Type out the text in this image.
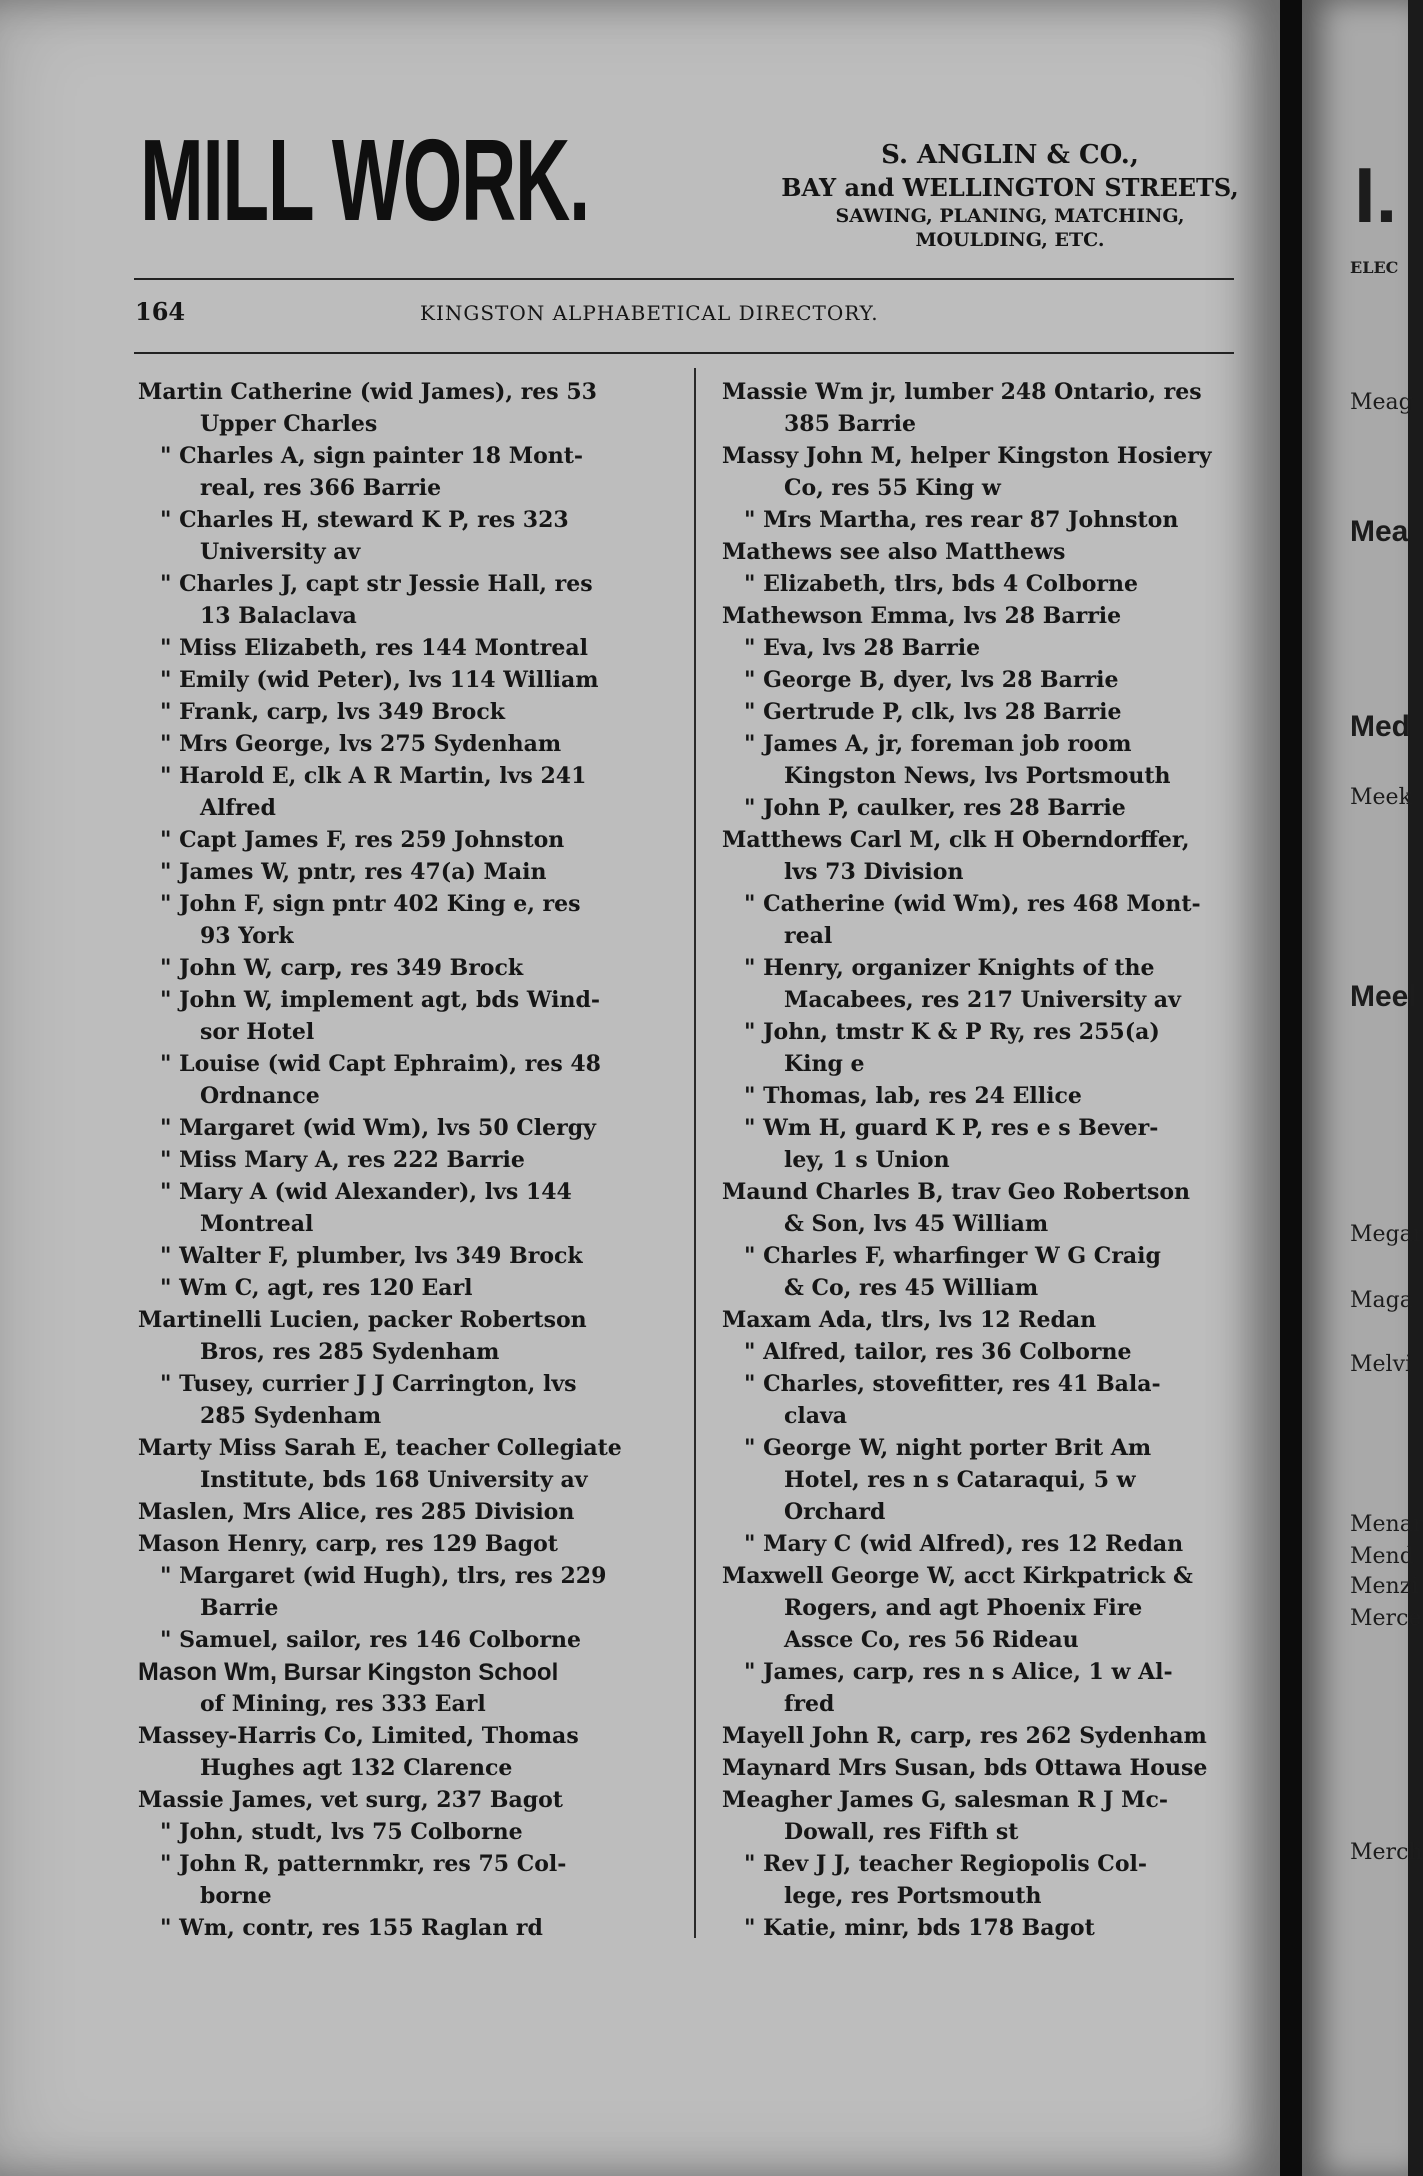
MILL WORK.	S. ANGLIN & CO.,
BAY and WELLINGTON STREETS,
SAWING, PLANING, MATCHING,
MOULDING, ETC.
164	KINGSTON ALPHABETICAL DIRECTORY.
Martin Catherine (wid James), res 53
Upper Charles
" Charles A, sign painter 18 Mont-
real, res 366 Barrie
" Charles H, steward K P, res 323
University av
" Charles J, capt str Jessie Hall, res
13 Balaclava
" Miss Elizabeth, res 144 Montreal
" Emily (wid Peter), lvs 114 William
" Frank, carp, lvs 349 Brock
" Mrs George, lvs 275 Sydenham
" Harold E, clk A R Martin, lvs 241
Alfred
" Capt James F, res 259 Johnston
" James W, pntr, res 47(a) Main
" John F, sign pntr 402 King e, res
93 York
" John W, carp, res 349 Brock
" John W, implement agt, bds Wind-
sor Hotel
" Louise (wid Capt Ephraim), res 48
Ordnance
" Margaret (wid Wm), lvs 50 Clergy
" Miss Mary A, res 222 Barrie
" Mary A (wid Alexander), lvs 144
Montreal
" Walter F, plumber, lvs 349 Brock
" Wm C, agt, res 120 Earl
Martinelli Lucien, packer Robertson
Bros, res 285 Sydenham
" Tusey, currier J J Carrington, lvs
285 Sydenham
Marty Miss Sarah E, teacher Collegiate
Institute, bds 168 University av
Maslen, Mrs Alice, res 285 Division
Mason Henry, carp, res 129 Bagot
" Margaret (wid Hugh), tlrs, res 229
Barrie
" Samuel, sailor, res 146 Colborne
Mason Wm, Bursar Kingston School
of Mining, res 333 Earl
Massey-Harris Co, Limited, Thomas
Hughes agt 132 Clarence
Massie James, vet surg, 237 Bagot
" John, studt, lvs 75 Colborne
" John R, patternmkr, res 75 Col-
borne
" Wm, contr, res 155 Raglan rd
Massie Wm jr, lumber 248 Ontario, res
385 Barrie
Massy John M, helper Kingston Hosiery
Co, res 55 King w
" Mrs Martha, res rear 87 Johnston
Mathews see also Matthews
" Elizabeth, tlrs, bds 4 Colborne
Mathewson Emma, lvs 28 Barrie
" Eva, lvs 28 Barrie
" George B, dyer, lvs 28 Barrie
" Gertrude P, clk, lvs 28 Barrie
" James A, jr, foreman job room
Kingston News, lvs Portsmouth
" John P, caulker, res 28 Barrie
Matthews Carl M, clk H Oberndorffer,
lvs 73 Division
" Catherine (wid Wm), res 468 Mont-
real
" Henry, organizer Knights of the
Macabees, res 217 University av
" John, tmstr K & P Ry, res 255(a)
King e
" Thomas, lab, res 24 Ellice
" Wm H, guard K P, res e s Bever-
ley, 1 s Union
Maund Charles B, trav Geo Robertson
& Son, lvs 45 William
" Charles F, wharfinger W G Craig
& Co, res 45 William
Maxam Ada, tlrs, lvs 12 Redan
" Alfred, tailor, res 36 Colborne
" Charles, stovefitter, res 41 Bala-
clava
" George W, night porter Brit Am
Hotel, res n s Cataraqui, 5 w
Orchard
" Mary C (wid Alfred), res 12 Redan
Maxwell George W, acct Kirkpatrick &
Rogers, and agt Phoenix Fire
Assce Co, res 56 Rideau
" James, carp, res n s Alice, 1 w Al-
fred
Mayell John R, carp, res 262 Sydenham
Maynard Mrs Susan, bds Ottawa House
Meagher James G, salesman R J Mc-
Dowall, res Fifth st
" Rev J J, teacher Regiopolis Col-
lege, res Portsmouth
" Katie, minr, bds 178 Bagot
I.
ELEC
Meag
Mea
Med
Meek
Meel
Megar
Maga
Melvi
Menar
Mend
Menzi
Merce
Merch
